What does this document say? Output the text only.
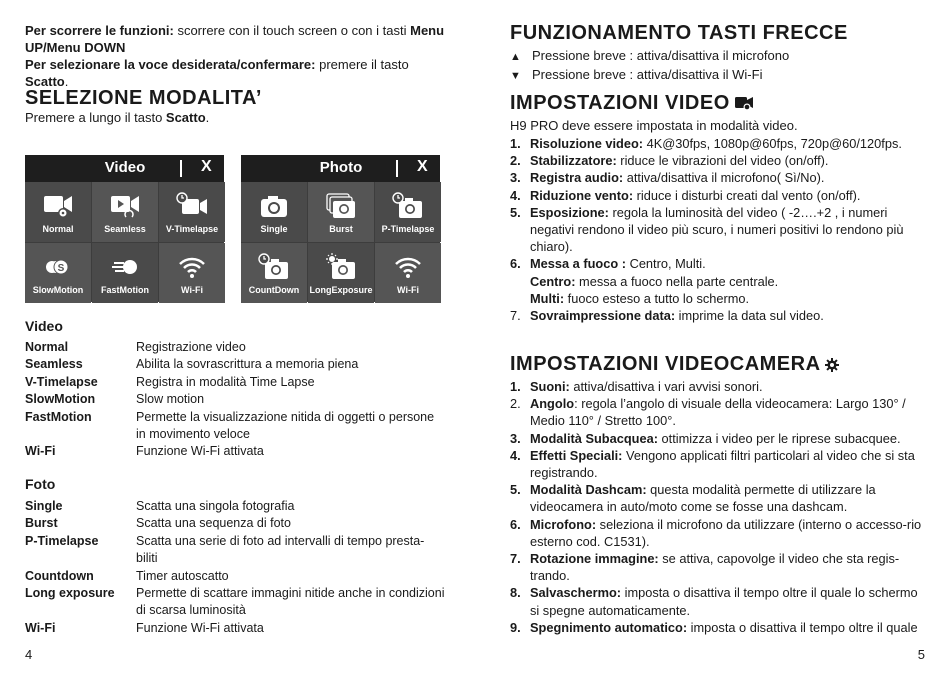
Per scorrere le funzioni: scorrere con il touch screen o con i tasti Menu UP/Menu DOWN
Per selezionare la voce desiderata/confermare: premere il tasto Scatto.
SELEZIONE MODALITA’
Premere a lungo il tasto Scatto.
Video	X
Normal	Seamless	V-Timelapse
S
SlowMotion	FastMotion	Wi-Fi
Photo	X
Single	Burst	P-Timelapse
CountDown	LongExposure	Wi-Fi
Video
Normal	Registrazione video
Seamless	Abilita la sovrascrittura a memoria piena
V-Timelapse	Registra in modalità Time Lapse
SlowMotion	Slow motion
FastMotion	Permette la visualizzazione nitida di oggetti o persone in movimento veloce
Wi-Fi	Funzione Wi-Fi attivata
Foto
Single	Scatta una singola fotografia
Burst	Scatta una sequenza di foto
P-Timelapse	Scatta una serie di foto ad intervalli di tempo presta-biliti
Countdown	Timer autoscatto
Long exposure	Permette di scattare immagini nitide anche in condizioni di scarsa luminosità
Wi-Fi	Funzione Wi-Fi attivata
4
FUNZIONAMENTO TASTI FRECCE
▲ Pressione breve : attiva/disattiva il microfono
▼ Pressione breve : attiva/disattiva il Wi-Fi
IMPOSTAZIONI VIDEO
H9 PRO deve essere impostata in modalità video.
1. Risoluzione video: 4K@30fps, 1080p@60fps, 720p@60/120fps.
2. Stabilizzatore: riduce le vibrazioni del video (on/off).
3. Registra audio: attiva/disattiva il microfono( Sì/No).
4. Riduzione vento: riduce i disturbi creati dal vento (on/off).
5. Esposizione: regola la luminosità del video ( -2….+2 , i numeri negativi rendono il video più scuro, i numeri positivi lo rendono più chiaro).
6. Messa a fuoco : Centro, Multi.
Centro: messa a fuoco nella parte centrale.
Multi: fuoco esteso a tutto lo schermo.
7. Sovraimpressione data: imprime la data sul video.
IMPOSTAZIONI VIDEOCAMERA
1. Suoni: attiva/disattiva i vari avvisi sonori.
2. Angolo: regola l’angolo di visuale della videocamera: Largo 130° / Medio 110° / Stretto 100°.
3. Modalità Subacquea: ottimizza i video per le riprese subacquee.
4. Effetti Speciali: Vengono applicati filtri particolari al video che si sta registrando.
5. Modalità Dashcam: questa modalità permette di utilizzare la videocamera in auto/moto come se fosse una dashcam.
6. Microfono: seleziona il microfono da utilizzare (interno o accesso-rio esterno cod. C1531).
7. Rotazione immagine: se attiva, capovolge il video che sta regis-trando.
8. Salvaschermo: imposta o disattiva il tempo oltre il quale lo schermo si spegne automaticamente.
9. Spegnimento automatico: imposta o disattiva il tempo oltre il quale
5
